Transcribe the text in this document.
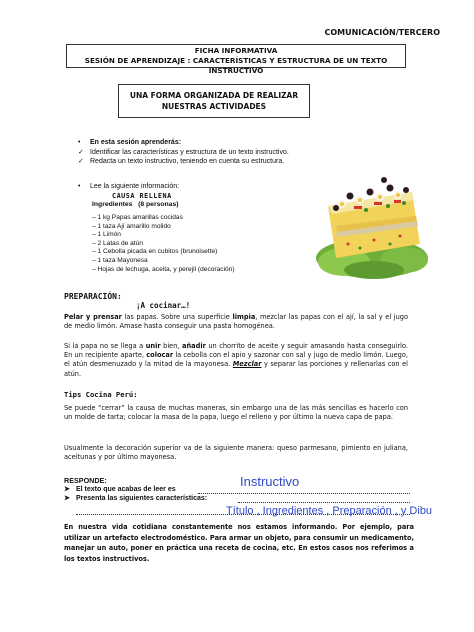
COMUNICACIÓN/TERCERO
FICHA INFORMATIVA
SESIÓN DE APRENDIZAJE : CARACTERÍSTICAS Y ESTRUCTURA DE UN TEXTO INSTRUCTIVO
UNA FORMA ORGANIZADA DE REALIZAR
NUESTRAS ACTIVIDADES
•	En esta sesión aprenderás:
✓ Identificar las características y estructura de un texto instructivo.
✓ Redacta un texto instructivo, teniendo en cuenta su estructura.
•	Lee la siguiente información:
CAUSA RELLENA
Ingredientes   (8 personas)
– 1 kg Papas amarillas cocidas
– 1 taza Ají amarillo molido
– 1 Limón
– 2 Latas de atún
– 1 Cebolla picada en cubitos (brunoisette)
– 1 taza Mayonesa
– Hojas de lechuga, aceita, y perejil (decoración)
PREPARACIÓN:
¡A cocinar…!
Pelar y prensar las papas. Sobre una superficie limpia, mezclar las papas con el ají, la sal y el jugo de medio limón. Amase hasta conseguir una pasta homogénea.
Si la papa no se llega a unir bien, añadir un chorrito de aceite y seguir amasando hasta conseguirlo. En un recipiente aparte, colocar la cebolla con el apio y sazonar con sal y jugo de medio limón. Luego, el atún desmenuzado y la mitad de la mayonesa. Mezclar y separar las porciones y rellenarlas con el atún.
Tips Cocina Perú:
Se puede “cerrar” la causa de muchas maneras, sin embargo una de las más sencillas es hacerlo con un molde de tarta; colocar la masa de la papa, luego el relleno y por último la nueva capa de papa.
Usualmente la decoración superior va de la siguiente manera: queso parmesano, pimiento en juliana, aceitunas y por último mayonesa.
RESPONDE:
➤ El texto que acabas de leer es
Instructivo
➤ Presenta las siguientes características:
Título , Ingredientes , Preparación , y Dibu
En nuestra vida cotidiana constantemente nos estamos informando. Por ejemplo, para utilizar un artefacto electrodoméstico. Para armar un objeto, para consumir un medicamento, manejar un auto, poner en práctica una receta de cocina, etc. En estos casos nos referimos a los textos instructivos.
